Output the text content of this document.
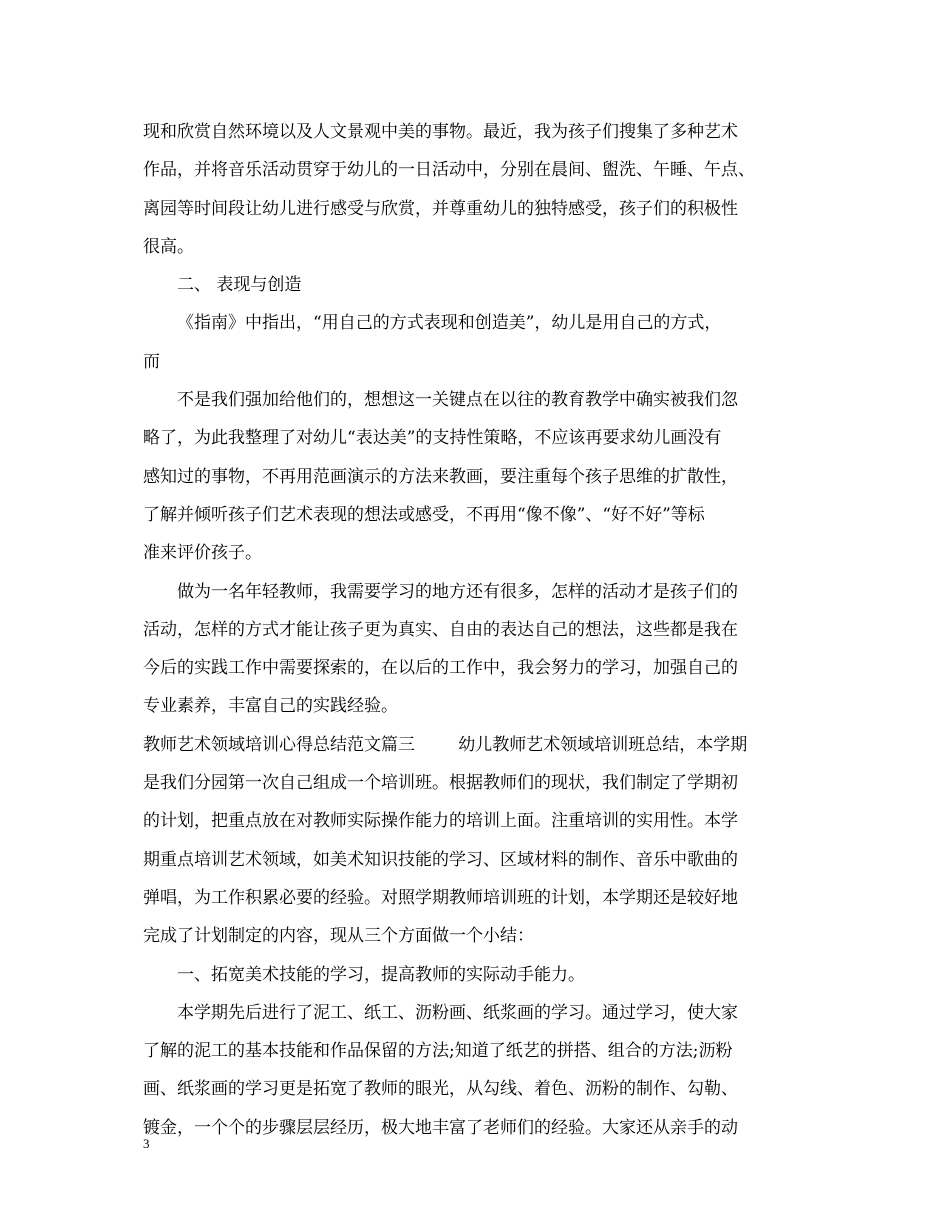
现和欣赏自然环境以及人文景观中美的事物。最近，我为孩子们搜集了多种艺术
作品，并将音乐活动贯穿于幼儿的一日活动中，分别在晨间、盥洗、午睡、午点、
离园等时间段让幼儿进行感受与欣赏，并尊重幼儿的独特感受，孩子们的积极性
很高。
二、 表现与创造
《指南》中指出，“用自己的方式表现和创造美”，幼儿是用自己的方式，
而
不是我们强加给他们的，想想这一关键点在以往的教育教学中确实被我们忽
略了，为此我整理了对幼儿“表达美”的支持性策略，不应该再要求幼儿画没有
感知过的事物，不再用范画演示的方法来教画，要注重每个孩子思维的扩散性，
了解并倾听孩子们艺术表现的想法或感受，不再用“像不像”、“好不好”等标
准来评价孩子。
做为一名年轻教师，我需要学习的地方还有很多，怎样的活动才是孩子们的
活动，怎样的方式才能让孩子更为真实、自由的表达自己的想法，这些都是我在
今后的实践工作中需要探索的，在以后的工作中，我会努力的学习，加强自己的
专业素养，丰富自己的实践经验。
教师艺术领域培训心得总结范文篇三        幼儿教师艺术领域培训班总结，本学期
是我们分园第一次自己组成一个培训班。根据教师们的现状，我们制定了学期初
的计划，把重点放在对教师实际操作能力的培训上面。注重培训的实用性。本学
期重点培训艺术领域，如美术知识技能的学习、区域材料的制作、音乐中歌曲的
弹唱，为工作积累必要的经验。对照学期教师培训班的计划，本学期还是较好地
完成了计划制定的内容，现从三个方面做一个小结：
一、拓宽美术技能的学习，提高教师的实际动手能力。
本学期先后进行了泥工、纸工、沥粉画、纸浆画的学习。通过学习，使大家
了解的泥工的基本技能和作品保留的方法;知道了纸艺的拼搭、组合的方法;沥粉
画、纸浆画的学习更是拓宽了教师的眼光，从勾线、着色、沥粉的制作、勾勒、
镀金，一个个的步骤层层经历，极大地丰富了老师们的经验。大家还从亲手的动
3
